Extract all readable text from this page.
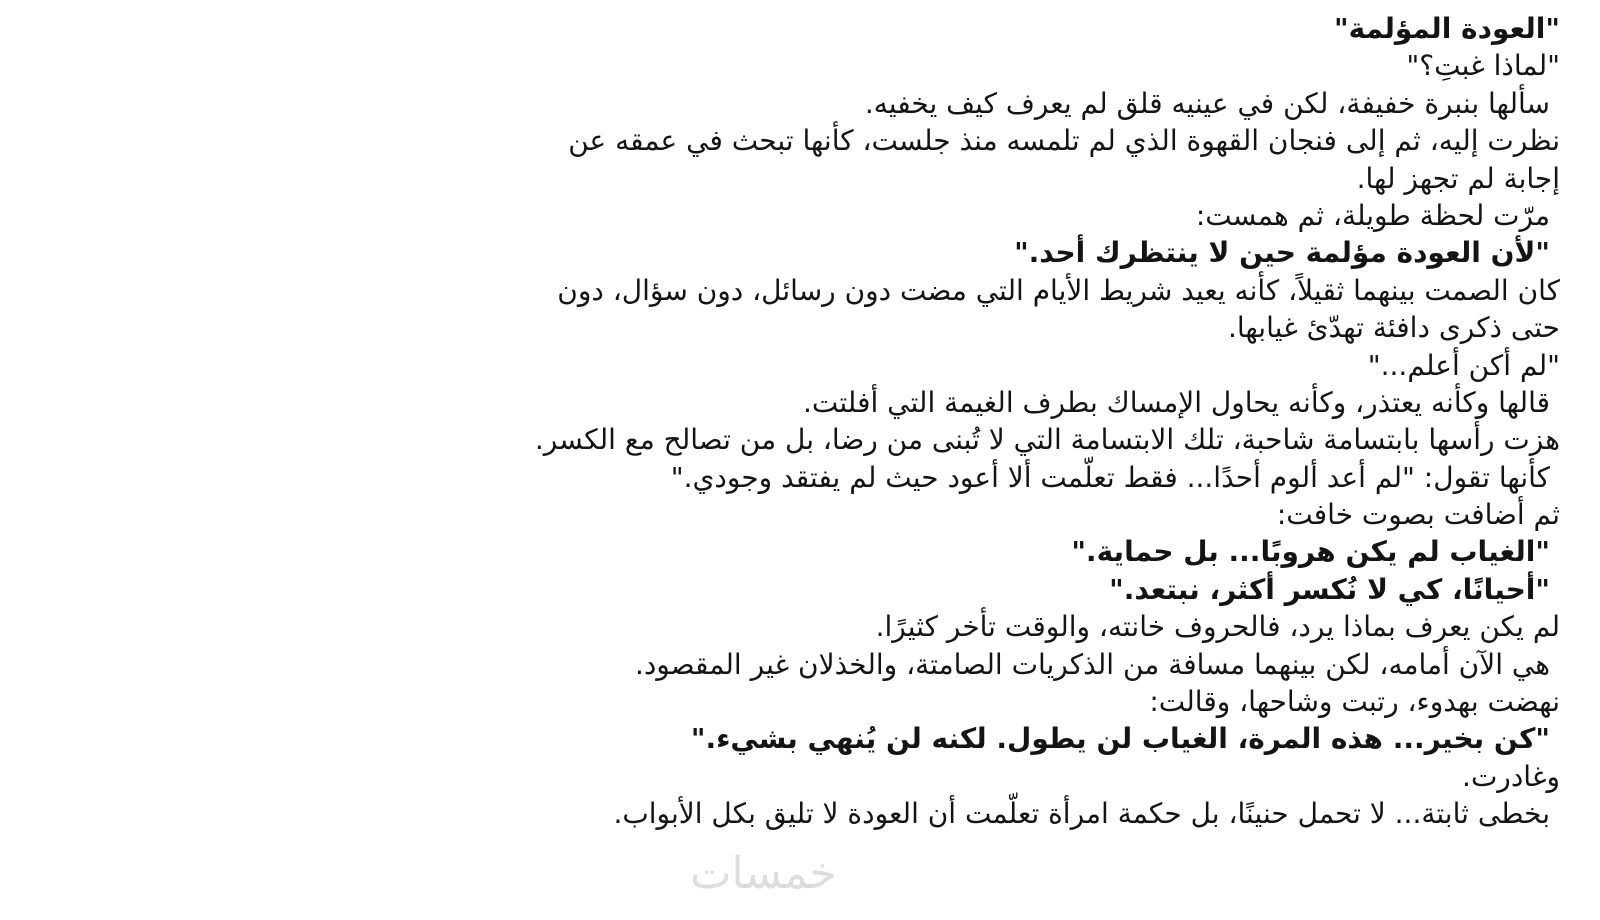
"العودة المؤلمة"
"لماذا غبتِ؟"
سألها بنبرة خفيفة، لكن في عينيه قلق لم يعرف كيف يخفيه.
نظرت إليه، ثم إلى فنجان القهوة الذي لم تلمسه منذ جلست، كأنها تبحث في عمقه عن
إجابة لم تجهز لها.
مرّت لحظة طويلة، ثم همست:
"لأن العودة مؤلمة حين لا ينتظرك أحد."
كان الصمت بينهما ثقيلاً، كأنه يعيد شريط الأيام التي مضت دون رسائل، دون سؤال، دون
حتى ذكرى دافئة تهدّئ غيابها.
"لم أكن أعلم..."
قالها وكأنه يعتذر، وكأنه يحاول الإمساك بطرف الغيمة التي أفلتت.
هزت رأسها بابتسامة شاحبة، تلك الابتسامة التي لا تُبنى من رضا، بل من تصالح مع الكسر.
كأنها تقول: "لم أعد ألوم أحدًا... فقط تعلّمت ألا أعود حيث لم يفتقد وجودي."
ثم أضافت بصوت خافت:
"الغياب لم يكن هروبًا... بل حماية."
"أحيانًا، كي لا نُكسر أكثر، نبتعد."
لم يكن يعرف بماذا يرد، فالحروف خانته، والوقت تأخر كثيرًا.
هي الآن أمامه، لكن بينهما مسافة من الذكريات الصامتة، والخذلان غير المقصود.
نهضت بهدوء، رتبت وشاحها، وقالت:
"كن بخير... هذه المرة، الغياب لن يطول. لكنه لن يُنهي بشيء."
وغادرت.
بخطى ثابتة... لا تحمل حنينًا، بل حكمة امرأة تعلّمت أن العودة لا تليق بكل الأبواب.
خمسات
